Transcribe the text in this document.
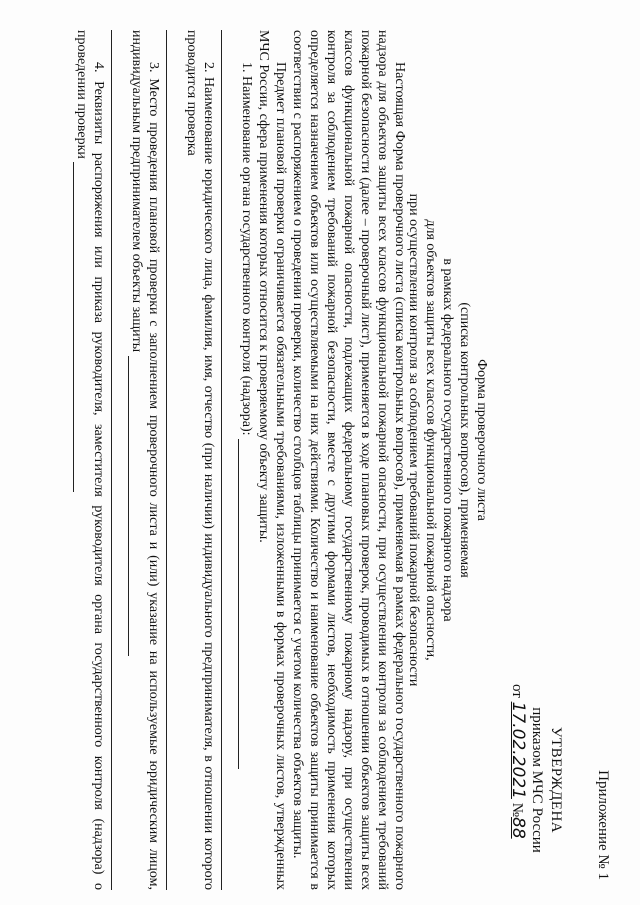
Приложение № 1
УТВЕРЖДЕНА
приказом МЧС России
от 17.02.2021 №88
Форма проверочного листа
(списка контрольных вопросов), применяемая
в рамках федерального государственного пожарного надзора
для объектов защиты всех классов функциональной пожарной опасности,
при осуществлении контроля за соблюдением требований пожарной безопасности

Настоящая Форма проверочного листа (списка контрольных вопросов), применяемая в рамках федерального государственного пожарного надзора для объектов защиты всех классов функциональной пожарной опасности, при осуществлении контроля за соблюдением требований пожарной безопасности (далее – проверочный лист), применяется в ходе плановых проверок, проводимых в отношении объектов защиты всех классов функциональной пожарной опасности, подлежащих федеральному государственному пожарному надзору, при осуществлении контроля за соблюдением требований пожарной безопасности, вместе с другими формами листов, необходимость применения которых определяется назначением объектов или осуществляемыми на них действиями. Количество и наименование объектов защиты принимается в соответствии с распоряжением о проведении проверки, количество столбцов таблицы принимается с учетом количества объектов защиты.

Предмет плановой проверки ограничивается обязательными требованиями, изложенными в формах проверочных листов, утвержденных МЧС России, сфера применения которых относится к проверяемому объекту защиты.

1. Наименование органа государственного контроля (надзора):

2. Наименование юридического лица, фамилия, имя, отчество (при наличии) индивидуального предпринимателя, в отношении которого проводится проверка

3. Место проведения плановой проверки с заполнением проверочного листа и (или) указание на используемые юридическим лицом, индивидуальным предпринимателем объекты защиты

4. Реквизиты распоряжения или приказа руководителя, заместителя руководителя органа государственного контроля (надзора) о проведении проверки
